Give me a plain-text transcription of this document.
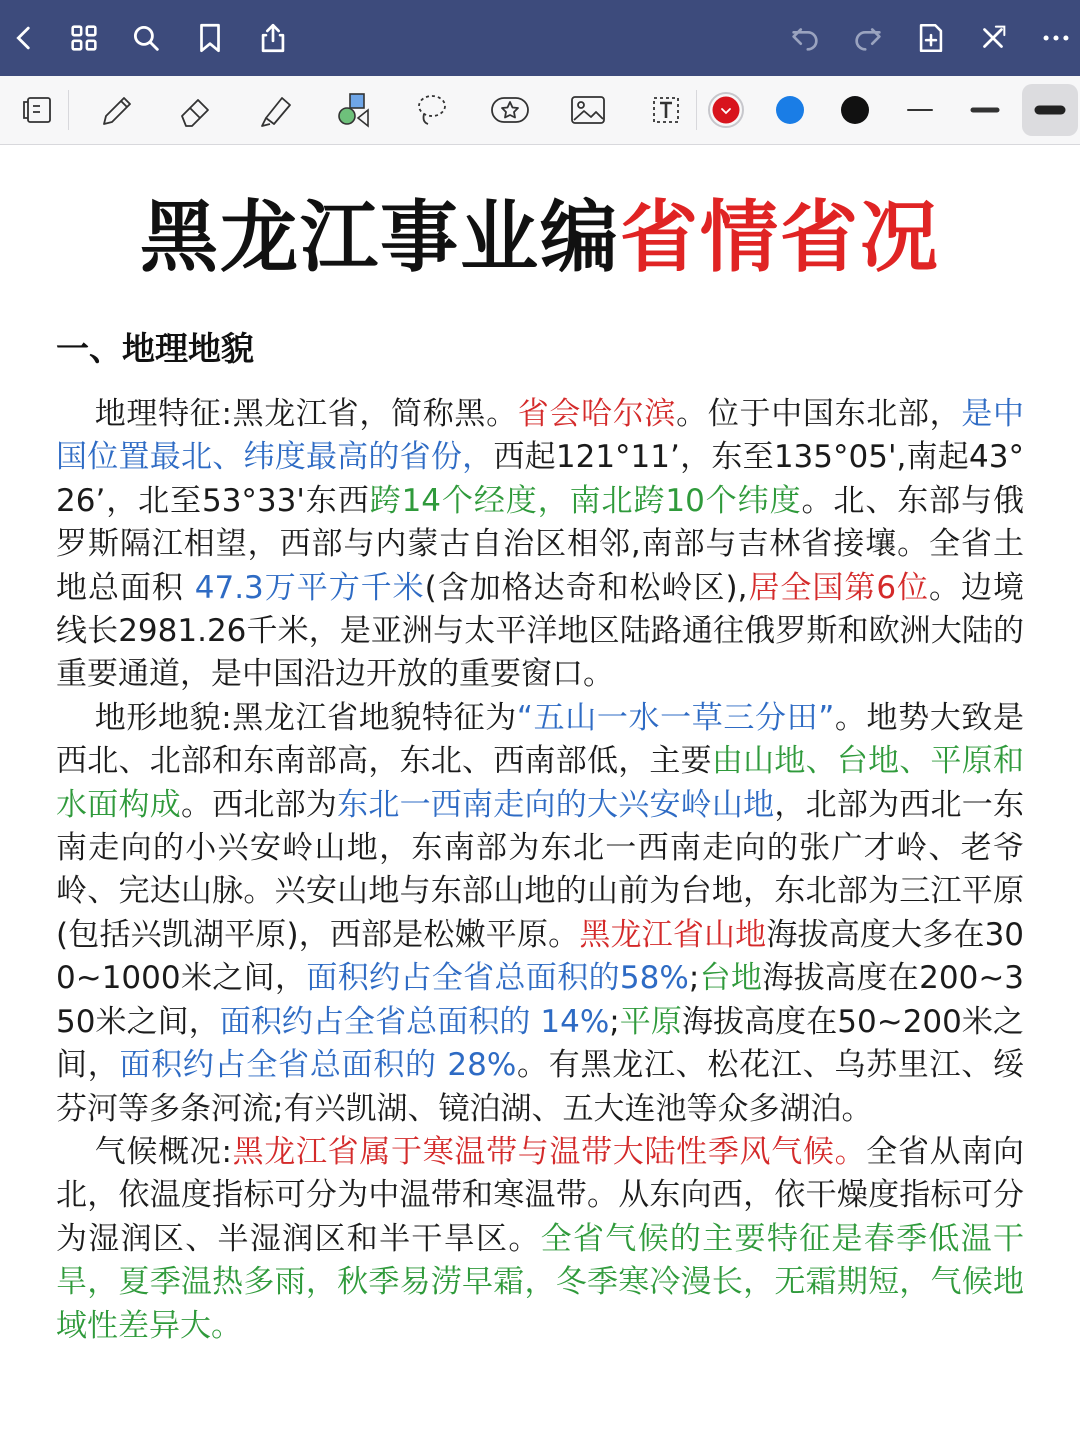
黑龙江事业编省情省况
一、地理地貌

地理特征:黑龙江省，简称黑。省会哈尔滨。位于中国东北部，是中国位置最北、纬度最高的省份，西起121°11’，东至135°05',南起43°26’，北至53°33'东西跨14个经度，南北跨10个纬度。北、东部与俄罗斯隔江相望，西部与内蒙古自治区相邻,南部与吉林省接壤。全省土地总面积 47.3万平方千米(含加格达奇和松岭区),居全国第6位。边境线长2981.26千米，是亚洲与太平洋地区陆路通往俄罗斯和欧洲大陆的重要通道，是中国沿边开放的重要窗口。

地形地貌:黑龙江省地貌特征为“五山一水一草三分田”。地势大致是西北、北部和东南部高，东北、西南部低，主要由山地、台地、平原和水面构成。西北部为东北一西南走向的大兴安岭山地，北部为西北一东南走向的小兴安岭山地，东南部为东北一西南走向的张广才岭、老爷岭、完达山脉。兴安山地与东部山地的山前为台地，东北部为三江平原(包括兴凯湖平原)，西部是松嫩平原。黑龙江省山地海拔高度大多在300~1000米之间，面积约占全省总面积的58%;台地海拔高度在200~350米之间，面积约占全省总面积的 14%;平原海拔高度在50~200米之间，面积约占全省总面积的 28%。有黑龙江、松花江、乌苏里江、绥芬河等多条河流;有兴凯湖、镜泊湖、五大连池等众多湖泊。

气候概况:黑龙江省属于寒温带与温带大陆性季风气候。全省从南向北，依温度指标可分为中温带和寒温带。从东向西，依干燥度指标可分为湿润区、半湿润区和半干旱区。全省气候的主要特征是春季低温干旱，夏季温热多雨，秋季易涝早霜，冬季寒冷漫长，无霜期短，气候地域性差异大。
